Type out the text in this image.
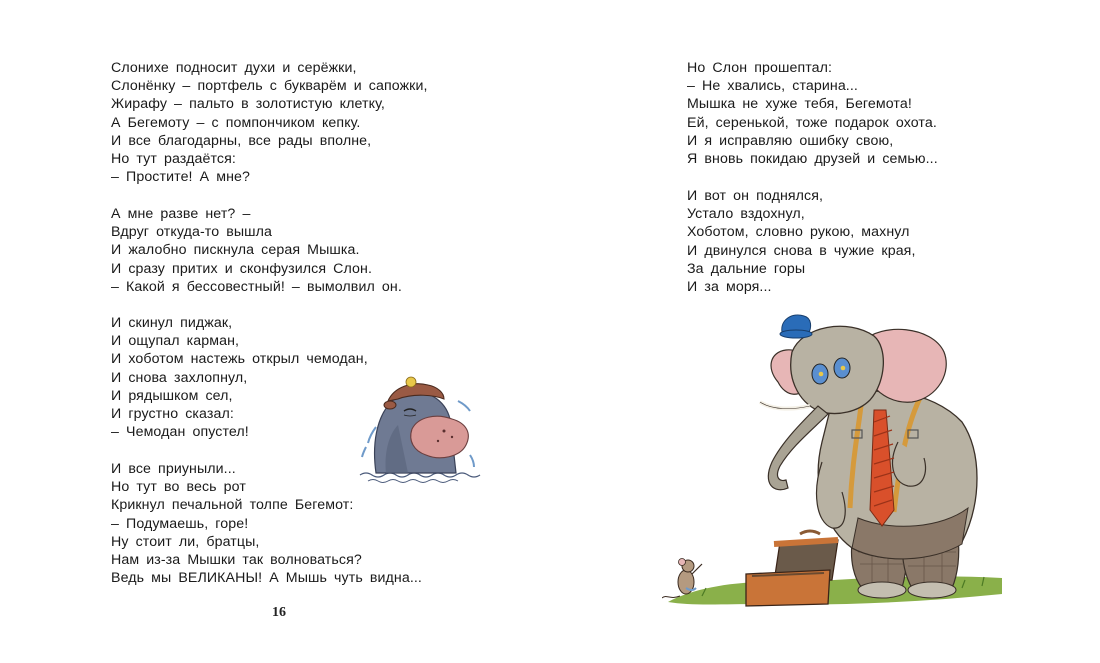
Слонихе подносит духи и серёжки,
Слонёнку – портфель с букварём и сапожки,
Жирафу – пальто в золотистую клетку,
А Бегемоту – с помпончиком кепку.
И все благодарны, все рады вполне,
Но тут раздаётся:
– Простите! А мне?
А мне разве нет? –
Вдруг откуда-то вышла
И жалобно пискнула серая Мышка.
И сразу притих и сконфузился Слон.
– Какой я бессовестный! – вымолвил он.
И скинул пиджак,
И ощупал карман,
И хоботом настежь открыл чемодан,
И снова захлопнул,
И рядышком сел,
И грустно сказал:
– Чемодан опустел!
И все приуныли...
Но тут во весь рот
Крикнул печальной толпе Бегемот:
– Подумаешь, горе!
Ну стоит ли, братцы,
Нам из-за Мышки так волноваться?
Ведь мы ВЕЛИКАНЫ! А Мышь чуть видна...
16
Но Слон прошептал:
– Не хвались, старина...
Мышка не хуже тебя, Бегемота!
Ей, серенькой, тоже подарок охота.
И я исправляю ошибку свою,
Я вновь покидаю друзей и семью...
И вот он поднялся,
Устало вздохнул,
Хоботом, словно рукою, махнул
И двинулся снова в чужие края,
За дальние горы
И за моря...
